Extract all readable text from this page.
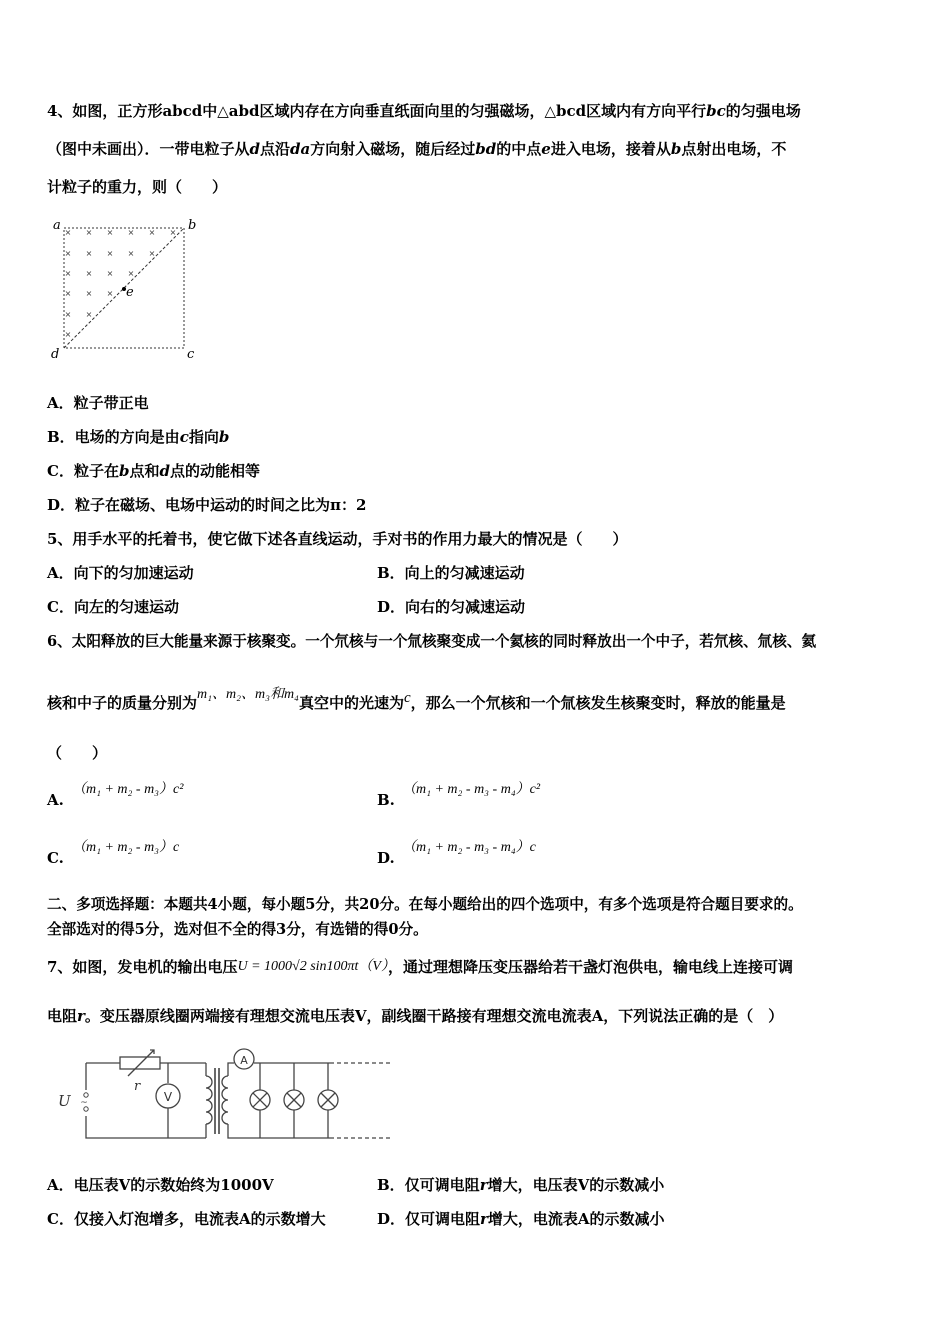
4、如图，正方形abcd中△abd区域内存在方向垂直纸面向里的匀强磁场，△bcd区域内有方向平行bc的匀强电场
（图中未画出）．一带电粒子从d点沿da方向射入磁场，随后经过bd的中点e进入电场，接着从b点射出电场，不
计粒子的重力，则（　　）
× × × × × ×
× × × × ×
× × × ×
× × ×
× ×
×
a	b
c
d
e
A．粒子带正电
B．电场的方向是由c指向b
C．粒子在b点和d点的动能相等
D．粒子在磁场、电场中运动的时间之比为π：2
5、用手水平的托着书，使它做下述各直线运动，手对书的作用力最大的情况是（　　）
A．向下的匀加速运动	B．向上的匀减速运动
C．向左的匀速运动	D．向右的匀减速运动
6、太阳释放的巨大能量来源于核聚变。一个氘核与一个氚核聚变成一个氦核的同时释放出一个中子，若氘核、氚核、氦
核和中子的质量分别为m₁、m₂、m₃和m₄真空中的光速为c，那么一个氘核和一个氚核发生核聚变时，释放的能量是
（　　）
A.
（m₁ + m₂ - m₃）c²
B.
（m₁ + m₂ - m₃ - m₄）c²
C.
（m₁ + m₂ - m₃）c
D.
（m₁ + m₂ - m₃ - m₄）c
二、多项选择题：本题共4小题，每小题5分，共20分。在每小题给出的四个选项中，有多个选项是符合题目要求的。
全部选对的得5分，选对但不全的得3分，有选错的得0分。
7、如图，发电机的输出电压U = 1000√2 sin100πt（V），通过理想降压变压器给若干盏灯泡供电，输电线上连接可调
电阻r。变压器原线圈两端接有理想交流电压表V，副线圈干路接有理想交流电流表A，下列说法正确的是（　）
~
U
r
V
A
A．电压表V的示数始终为1000V	B．仅可调电阻r增大，电压表V的示数减小
C．仅接入灯泡增多，电流表A的示数增大	D．仅可调电阻r增大，电流表A的示数减小
